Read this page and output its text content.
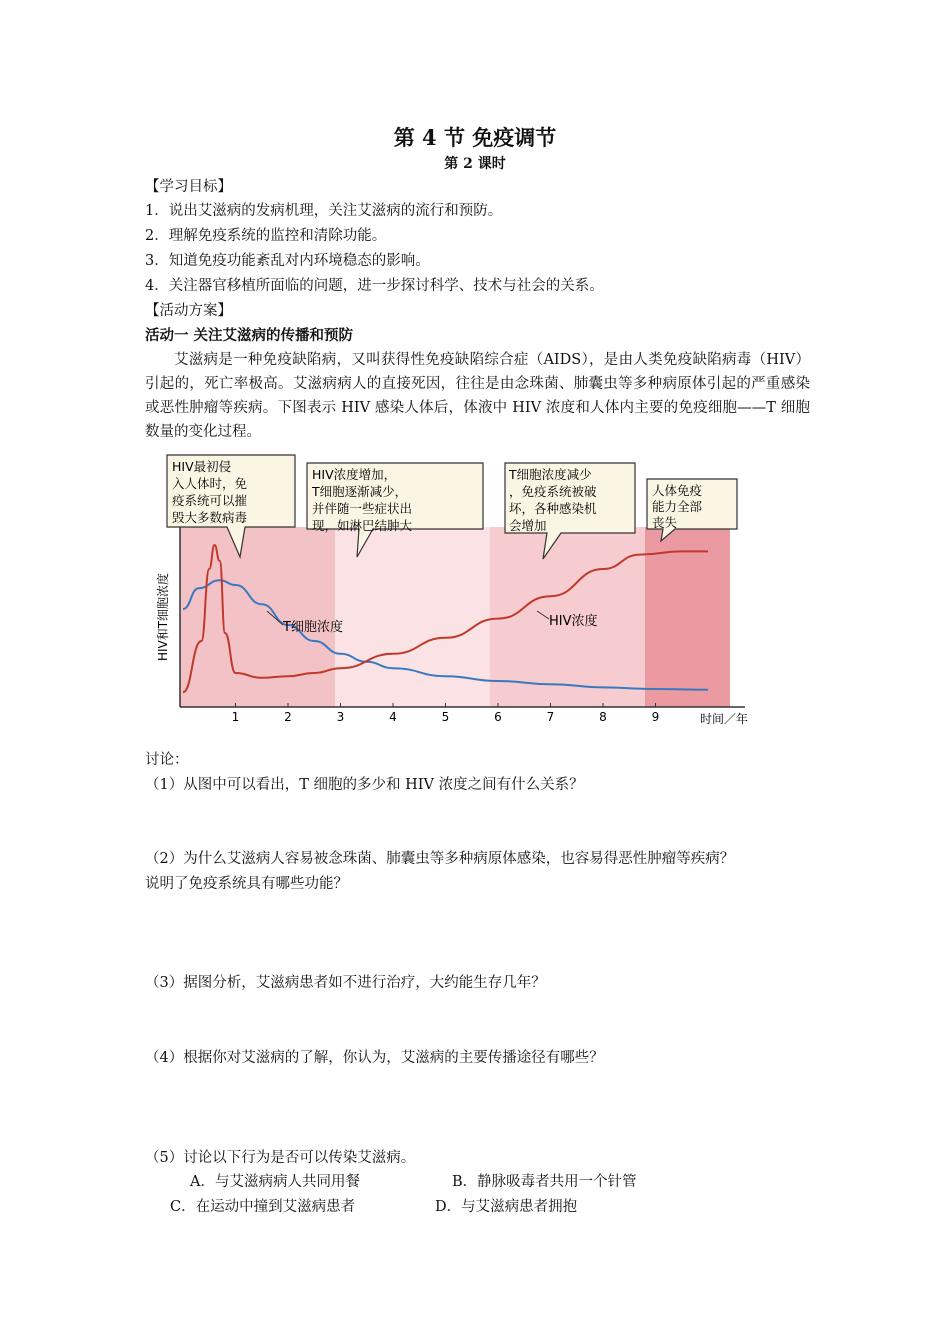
第 4 节 免疫调节
第 2 课时
【学习目标】
1．说出艾滋病的发病机理，关注艾滋病的流行和预防。
2．理解免疫系统的监控和清除功能。
3．知道免疫功能紊乱对内环境稳态的影响。
4．关注器官移植所面临的问题，进一步探讨科学、技术与社会的关系。
【活动方案】
活动一 关注艾滋病的传播和预防
艾滋病是一种免疫缺陷病，又叫获得性免疫缺陷综合症（AIDS），是由人类免疫缺陷病毒（HIV）引起的，死亡率极高。艾滋病病人的直接死因，往往是由念珠菌、肺囊虫等多种病原体引起的严重感染或恶性肿瘤等疾病。下图表示 HIV 感染人体后，体液中 HIV 浓度和人体内主要的免疫细胞——T 细胞数量的变化过程。
HIV最初侵入人体时，免疫系统可以摧毁大多数病毒
HIV浓度增加， T细胞逐渐减少，并伴随一些症状出现，如淋巴结肿大
T细胞浓度减少，免疫系统被破坏，各种感染机会增加
人体免疫能力全部丧失
1	2	3	4	5	6	7	8	9
HIV和T细胞浓度
时间／年
T细胞浓度	HIV浓度
讨论：
（1）从图中可以看出，T 细胞的多少和 HIV 浓度之间有什么关系？
（2）为什么艾滋病人容易被念珠菌、肺囊虫等多种病原体感染，也容易得恶性肿瘤等疾病？
说明了免疫系统具有哪些功能？
（3）据图分析，艾滋病患者如不进行治疗，大约能生存几年？
（4）根据你对艾滋病的了解，你认为，艾滋病的主要传播途径有哪些？
（5）讨论以下行为是否可以传染艾滋病。
A．与艾滋病病人共同用餐	B．静脉吸毒者共用一个针管
C．在运动中撞到艾滋病患者	D．与艾滋病患者拥抱
